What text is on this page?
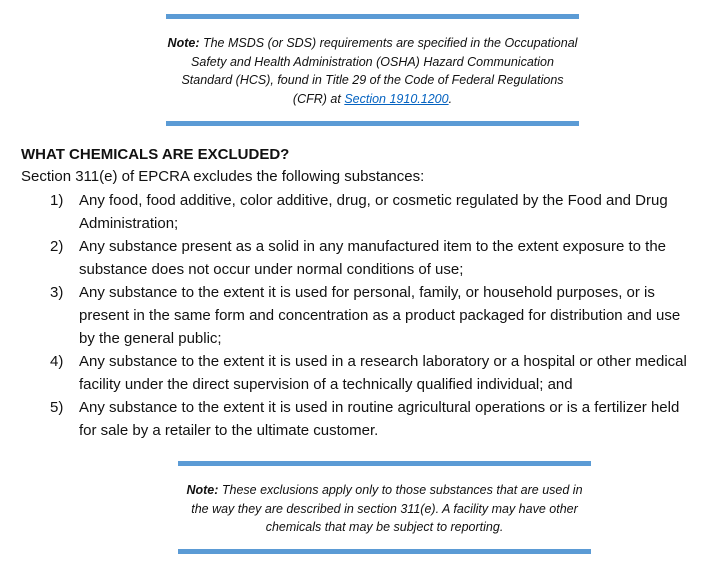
Note: The MSDS (or SDS) requirements are specified in the Occupational Safety and Health Administration (OSHA) Hazard Communication Standard (HCS), found in Title 29 of the Code of Federal Regulations (CFR) at Section 1910.1200.
WHAT CHEMICALS ARE EXCLUDED?

Section 311(e) of EPCRA excludes the following substances:

1) Any food, food additive, color additive, drug, or cosmetic regulated by the Food and Drug Administration;
2) Any substance present as a solid in any manufactured item to the extent exposure to the substance does not occur under normal conditions of use;
3) Any substance to the extent it is used for personal, family, or household purposes, or is present in the same form and concentration as a product packaged for distribution and use by the general public;
4) Any substance to the extent it is used in a research laboratory or a hospital or other medical facility under the direct supervision of a technically qualified individual; and
5) Any substance to the extent it is used in routine agricultural operations or is a fertilizer held for sale by a retailer to the ultimate customer.
Note: These exclusions apply only to those substances that are used in the way they are described in section 311(e). A facility may have other chemicals that may be subject to reporting.
